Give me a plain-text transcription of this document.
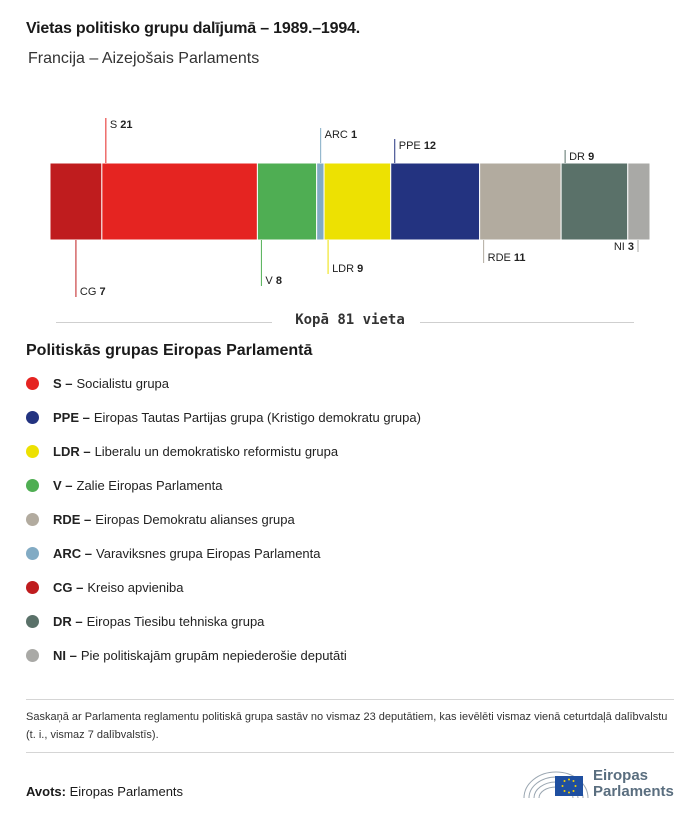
Vietas politisko grupu dalījumā – 1989.–1994.
Francija – Aizejošais Parlaments
CG 7
S 21
V 8
ARC 1
LDR 9
PPE 12
RDE 11
DR 9
NI 3
Kopā 81 vieta
Politiskās grupas Eiropas Parlamentā
S – Socialistu grupa
PPE – Eiropas Tautas Partijas grupa (Kristigo demokratu grupa)
LDR – Liberalu un demokratisko reformistu grupa
V – Zalie Eiropas Parlamenta
RDE – Eiropas Demokratu alianses grupa
ARC – Varaviksnes grupa Eiropas Parlamenta
CG – Kreiso apvieniba
DR – Eiropas Tiesibu tehniska grupa
NI – Pie politiskajām grupām nepiederošie deputāti
Saskaņā ar Parlamenta reglamentu politiskā grupa sastāv no vismaz 23 deputātiem, kas ievēlēti vismaz vienā ceturtdaļā dalībvalstu (t. i., vismaz 7 dalībvalstīs).
Avots: Eiropas Parlaments
Eiropas
Parlaments
